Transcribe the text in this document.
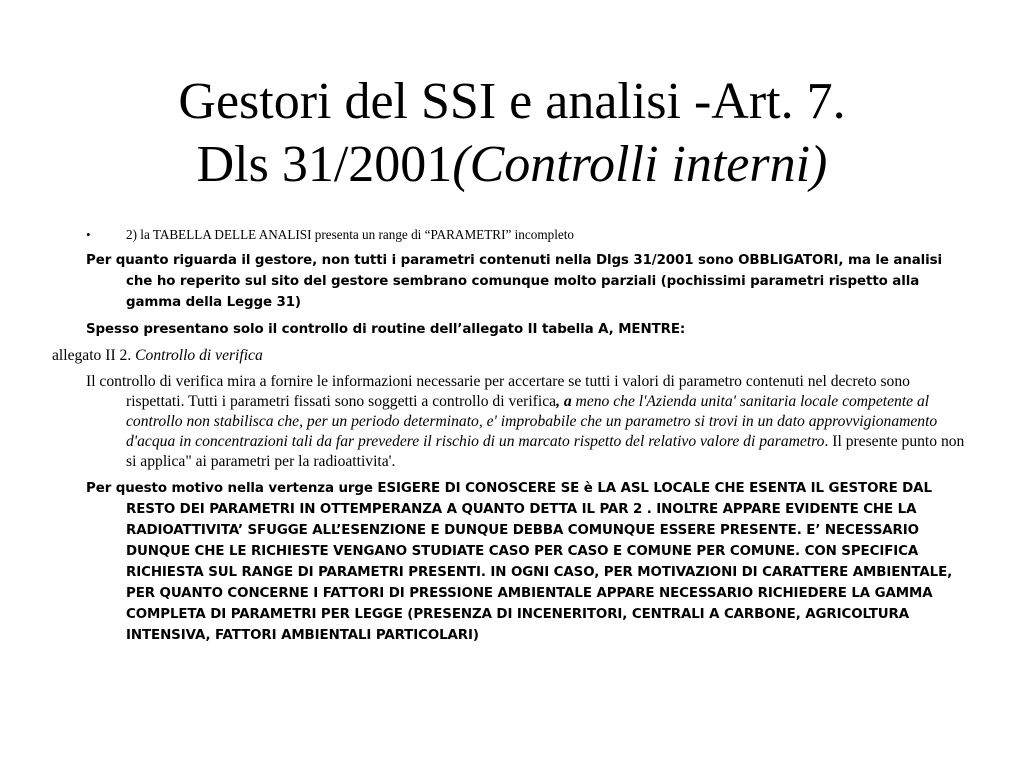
Gestori del SSI e analisi -Art. 7.
Dls 31/2001(Controlli interni)
•	2) la TABELLA DELLE ANALISI presenta un range di “PARAMETRI” incompleto

Per quanto riguarda il gestore, non tutti i parametri contenuti nella Dlgs 31/2001 sono OBBLIGATORI, ma le analisi che ho reperito sul sito del gestore sembrano comunque molto parziali (pochissimi parametri rispetto alla gamma della Legge 31)

Spesso presentano solo il controllo di routine dell’allegato II tabella A, MENTRE:

allegato II 2. Controllo di verifica

Il controllo di verifica mira a fornire le informazioni necessarie per accertare se tutti i valori di parametro contenuti nel decreto sono rispettati. Tutti i parametri fissati sono soggetti a controllo di verifica, a meno che l'Azienda unita' sanitaria locale competente al controllo non stabilisca che, per un periodo determinato, e' improbabile che un parametro si trovi in un dato approvvigionamento d'acqua in concentrazioni tali da far prevedere il rischio di un marcato rispetto del relativo valore di parametro. Il presente punto non si applica" ai parametri per la radioattivita'.

Per questo motivo nella vertenza urge ESIGERE DI CONOSCERE SE è LA ASL LOCALE CHE ESENTA IL GESTORE DAL RESTO DEI PARAMETRI IN OTTEMPERANZA A QUANTO DETTA IL PAR 2 . INOLTRE APPARE EVIDENTE CHE LA RADIOATTIVITA’ SFUGGE ALL’ESENZIONE E DUNQUE DEBBA COMUNQUE ESSERE PRESENTE. E’ NECESSARIO DUNQUE CHE LE RICHIESTE VENGANO STUDIATE CASO PER CASO E COMUNE PER COMUNE. CON SPECIFICA RICHIESTA SUL RANGE DI PARAMETRI PRESENTI. IN OGNI CASO, PER MOTIVAZIONI DI CARATTERE AMBIENTALE, PER QUANTO CONCERNE I FATTORI DI PRESSIONE AMBIENTALE APPARE NECESSARIO RICHIEDERE LA GAMMA COMPLETA DI PARAMETRI PER LEGGE (PRESENZA DI INCENERITORI, CENTRALI A CARBONE, AGRICOLTURA INTENSIVA, FATTORI AMBIENTALI PARTICOLARI)
